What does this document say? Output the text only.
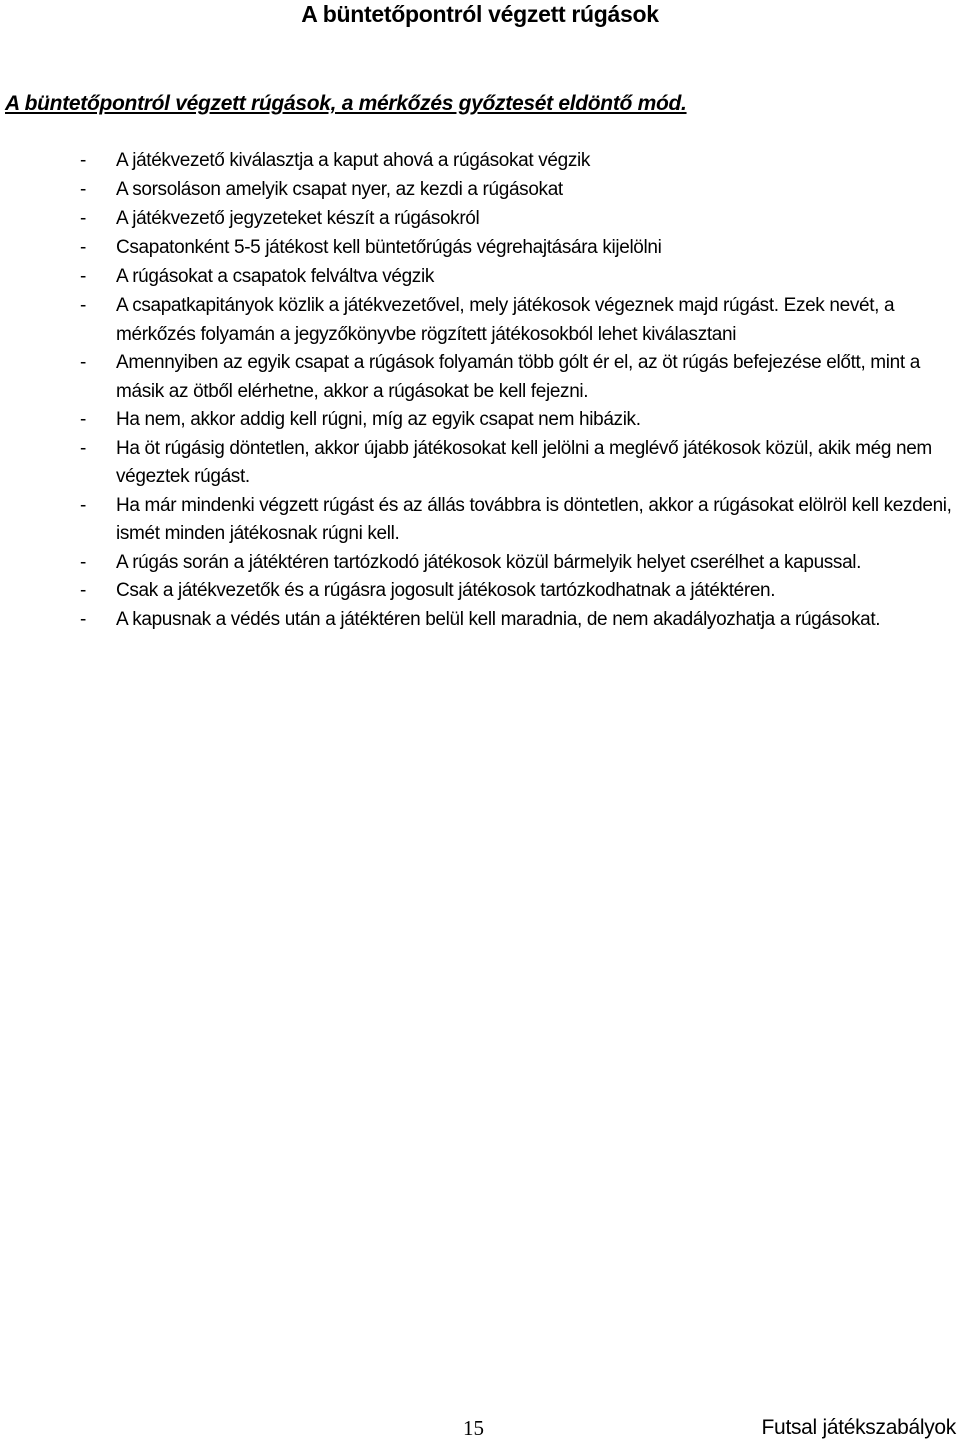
A büntetőpontról végzett rúgások
A büntetőpontról végzett rúgások, a mérkőzés győztesét eldöntő mód.
- A játékvezető kiválasztja a kaput ahová a rúgásokat végzik
- A sorsoláson amelyik csapat nyer, az kezdi a rúgásokat
- A játékvezető jegyzeteket készít a rúgásokról
- Csapatonként 5-5 játékost kell büntetőrúgás végrehajtására kijelölni
- A rúgásokat a csapatok felváltva végzik
- A csapatkapitányok közlik a játékvezetővel, mely játékosok végeznek majd rúgást. Ezek nevét, a mérkőzés folyamán a jegyzőkönyvbe rögzített játékosokból lehet kiválasztani
- Amennyiben az egyik csapat a rúgások folyamán több gólt ér el, az öt rúgás befejezése előtt, mint a másik az ötből elérhetne, akkor a rúgásokat be kell fejezni.
- Ha nem, akkor addig kell rúgni, míg az egyik csapat nem hibázik.
- Ha öt rúgásig döntetlen, akkor újabb játékosokat kell jelölni a meglévő játékosok közül, akik még nem végeztek rúgást.
- Ha már mindenki végzett rúgást és az állás továbbra is döntetlen, akkor a rúgásokat elölröl kell kezdeni, ismét minden játékosnak rúgni kell.
- A rúgás során a játéktéren tartózkodó játékosok közül bármelyik helyet cserélhet a kapussal.
- Csak a játékvezetők és a rúgásra jogosult játékosok tartózkodhatnak a játéktéren.
- A kapusnak a védés után a játéktéren belül kell maradnia, de nem akadályozhatja a rúgásokat.
15	Futsal játékszabályok
